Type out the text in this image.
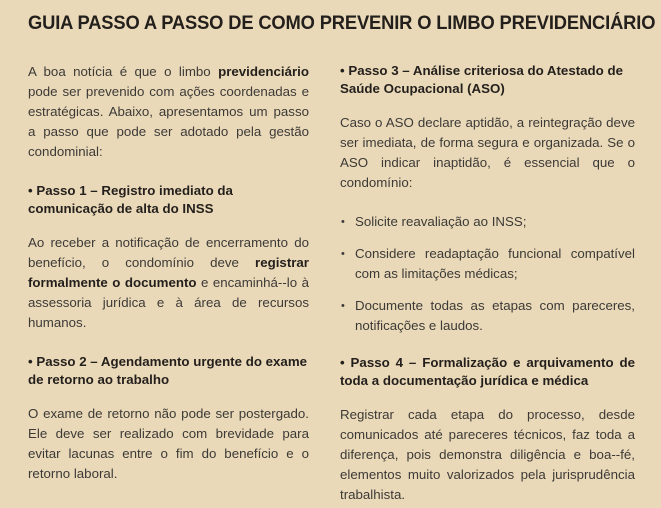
GUIA PASSO A PASSO DE COMO PREVENIR O LIMBO PREVIDENCIÁRIO

A boa notícia é que o limbo previdenciário pode ser prevenido com ações coordenadas e estratégicas. Abaixo, apresentamos um passo a passo que pode ser adotado pela gestão condominial:

• Passo 1 – Registro imediato da comunicação de alta do INSS

Ao receber a notificação de encerramento do benefício, o condomínio deve registrar formalmente o documento e encaminhá--lo à assessoria jurídica e à área de recursos humanos.

• Passo 2 – Agendamento urgente do exame de retorno ao trabalho

O exame de retorno não pode ser postergado. Ele deve ser realizado com brevidade para evitar lacunas entre o fim do benefício e o retorno laboral.

• Passo 3 – Análise criteriosa do Atestado de Saúde Ocupacional (ASO)

Caso o ASO declare aptidão, a reintegração deve ser imediata, de forma segura e organizada. Se o ASO indicar inaptidão, é essencial que o condomínio:

• Solicite reavaliação ao INSS;
• Considere readaptação funcional compatível com as limitações médicas;
• Documente todas as etapas com pareceres, notificações e laudos.

• Passo 4 – Formalização e arquivamento de toda a documentação jurídica e médica

Registrar cada etapa do processo, desde comunicados até pareceres técnicos, faz toda a diferença, pois demonstra diligência e boa--fé, elementos muito valorizados pela jurisprudência trabalhista.
